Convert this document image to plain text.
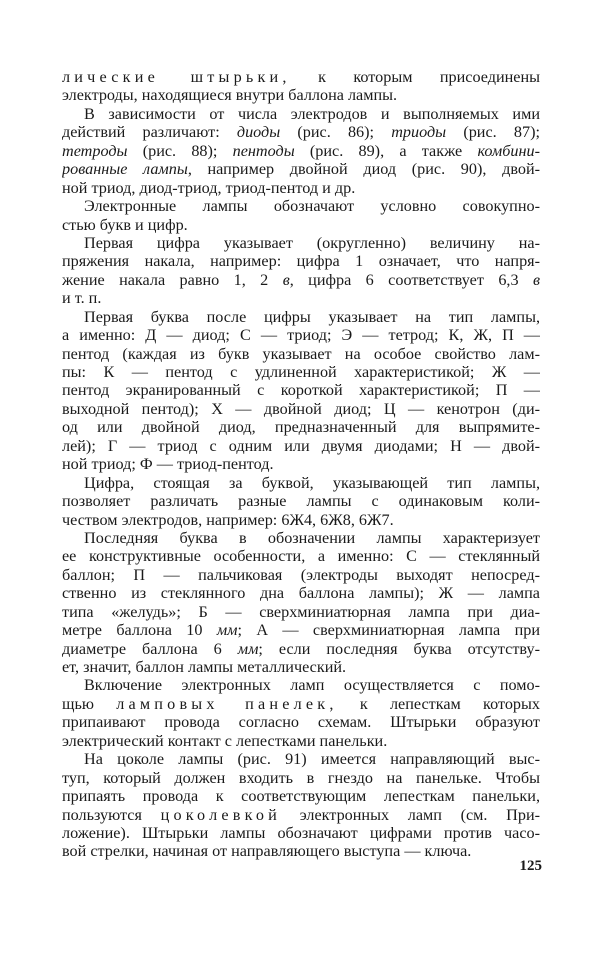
лические штырьки, к которым присоединены
электроды, находящиеся внутри баллона лампы.
В зависимости от числа электродов и выполняемых ими
действий различают: диоды (рис. 86); триоды (рис. 87);
тетроды (рис. 88); пентоды (рис. 89), а также комбини-
рованные лампы, например двойной диод (рис. 90), двой-
ной триод, диод-триод, триод-пентод и др.
Электронные лампы обозначают условно совокупно-
стью букв и цифр.
Первая цифра указывает (округленно) величину на-
пряжения накала, например: цифра 1 означает, что напря-
жение накала равно 1, 2 в, цифра 6 соответствует 6,3 в
и т. п.
Первая буква после цифры указывает на тип лампы,
а именно: Д — диод; С — триод; Э — тетрод; К, Ж, П —
пентод (каждая из букв указывает на особое свойство лам-
пы: К — пентод с удлиненной характеристикой; Ж —
пентод экранированный с короткой характеристикой; П —
выходной пентод); Х — двойной диод; Ц — кенотрон (ди-
од или двойной диод, предназначенный для выпрямите-
лей); Г — триод с одним или двумя диодами; Н — двой-
ной триод; Ф — триод-пентод.
Цифра, стоящая за буквой, указывающей тип лампы,
позволяет различать разные лампы с одинаковым коли-
чеством электродов, например: 6Ж4, 6Ж8, 6Ж7.
Последняя буква в обозначении лампы характеризует
ее конструктивные особенности, а именно: С — стеклянный
баллон; П — пальчиковая (электроды выходят непосред-
ственно из стеклянного дна баллона лампы); Ж — лампа
типа «желудь»; Б — сверхминиатюрная лампа при диа-
метре баллона 10 мм; А — сверхминиатюрная лампа при
диаметре баллона 6 мм; если последняя буква отсутству-
ет, значит, баллон лампы металлический.
Включение электронных ламп осуществляется с помо-
щью ламповых панелек, к лепесткам которых
припаивают провода согласно схемам. Штырьки образуют
электрический контакт с лепестками панельки.
На цоколе лампы (рис. 91) имеется направляющий выс-
туп, который должен входить в гнездо на панельке. Чтобы
припаять провода к соответствующим лепесткам панельки,
пользуются цоколевкой электронных ламп (см. При-
ложение). Штырьки лампы обозначают цифрами против часо-
вой стрелки, начиная от направляющего выступа — ключа.
125
